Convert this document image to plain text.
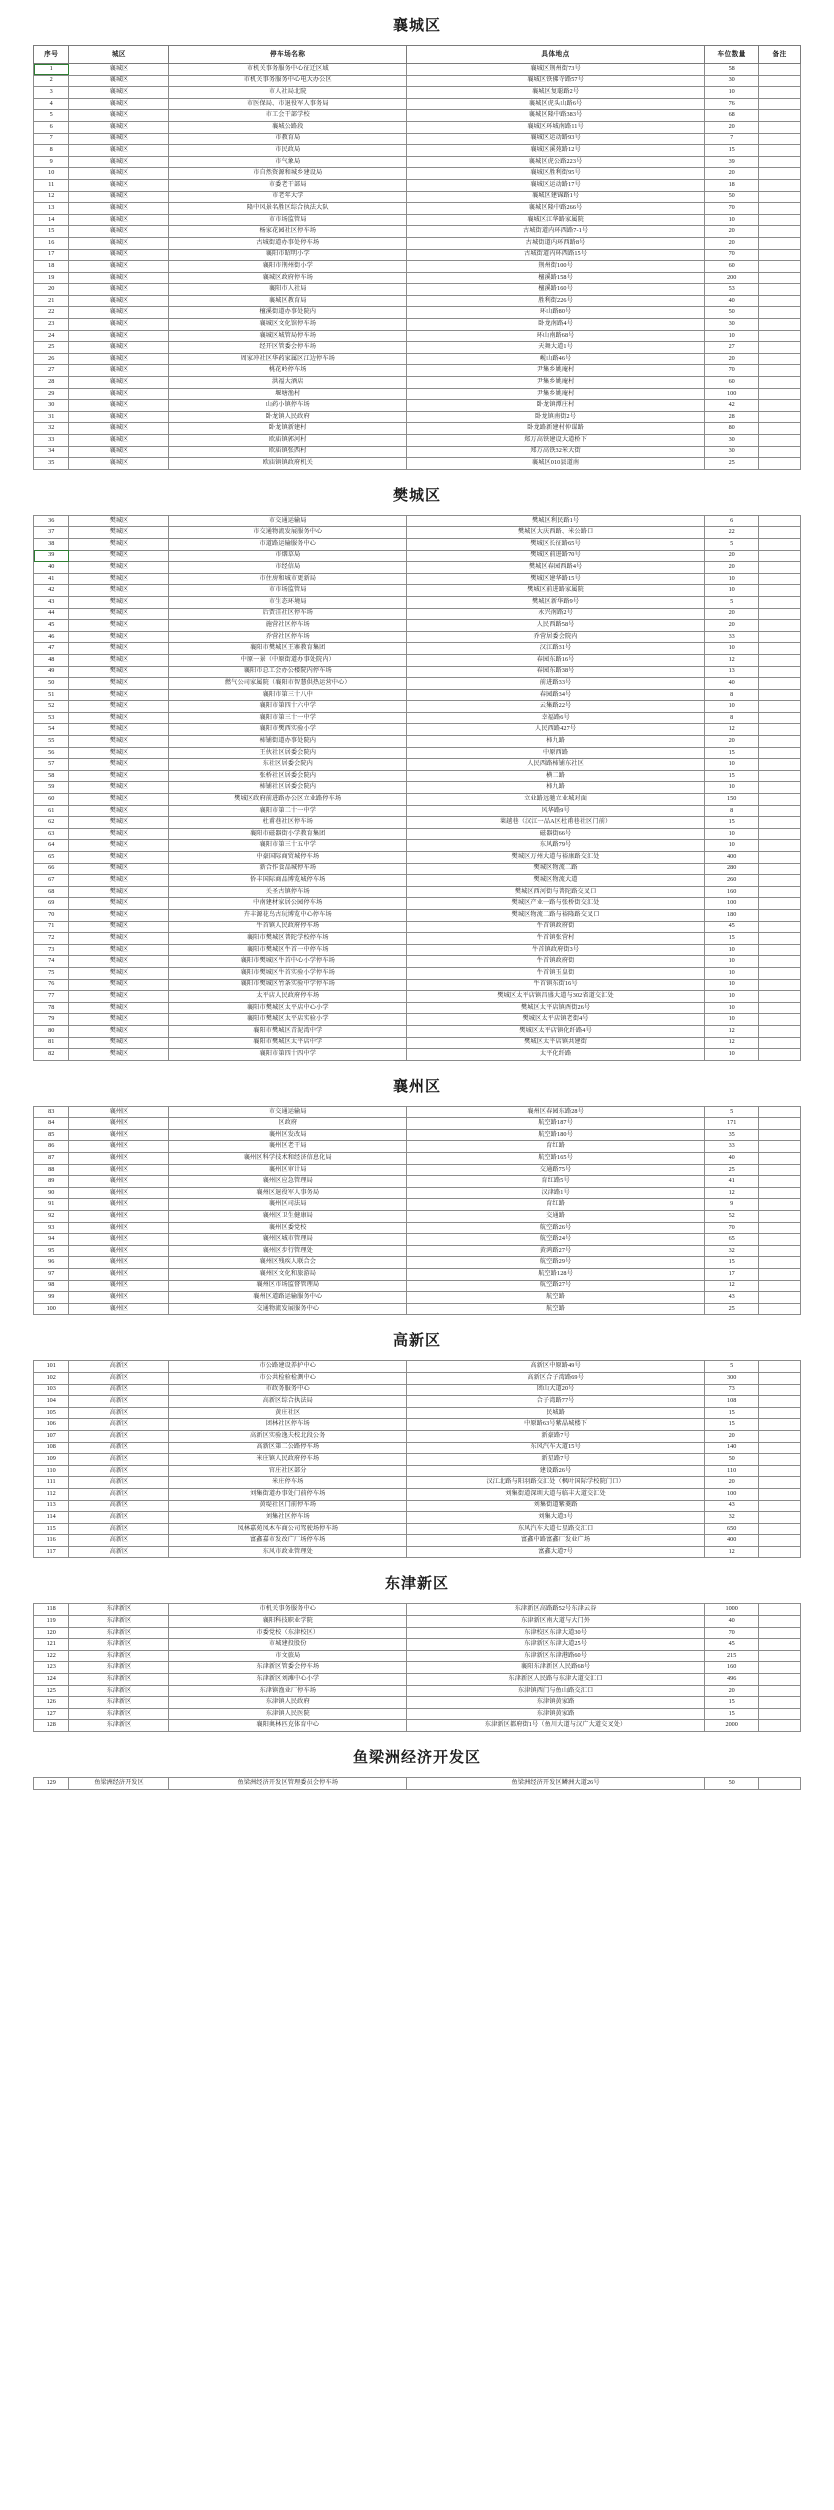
襄城区
序号	城区	停车场名称	具体地点	车位数量	备注
1	襄城区	市机关事务服务中心征迁区域	襄城区荆州街73号	58	
2	襄城区	市机关事务服务中心电大办公区	襄城区铁佛寺路57号	30	
3	襄城区	市人社局北院	襄城区复聪路2号	10	
4	襄城区	市医保局、市退役军人事务局	襄城区虎头山路6号	76	
5	襄城区	市工会干部学校	襄城区隆中路383号	68	
6	襄城区	襄城公路段	襄城区环城南路11号	20	
7	襄城区	市教育局	襄城区运动路93号	7	
8	襄城区	市民政局	襄城区溪苑路12号	15	
9	襄城区	市气象局	襄城区虎公路223号	39	
10	襄城区	市自然资源和城乡建设局	襄城区胜利街95号	20	
11	襄城区	市委老干部局	襄城区运动路17号	18	
12	襄城区	市老年大学	襄城区建锦路1号	50	
13	襄城区	隆中风景名胜区综合执法大队	襄城区隆中路266号	70	
14	襄城区	市市场监管局	襄城区江华路家属院	10	
15	襄城区	杨家花园社区停车场	古城街道内环西路7-1号	20	
16	襄城区	古城街道办事处停车场	古城街道内环西路8号	20	
17	襄城区	襄阳市昭明小学	古城街道内环西路15号	70	
18	襄城区	襄阳市荆州街小学	荆州街100号	60	
19	襄城区	襄城区政府停车场	檀溪路158号	200	
20	襄城区	襄阳市人社局	檀溪路160号	53	
21	襄城区	襄城区教育局	胜利街226号	40	
22	襄城区	檀溪街道办事处院内	环山路80号	50	
23	襄城区	襄城区文化馆停车场	卧龙南路4号	30	
24	襄城区	襄城区城管局停车场	环山南路68号	10	
25	襄城区	经开区管委会停车场	天舞大道1号	27	
26	襄城区	周家冲社区华药家属区江边停车场	岘山路46号	20	
27	襄城区	桃花岭停车场	尹集乡姚庵村	70	
28	襄城区	洪福大酒店	尹集乡姚庵村	60	
29	襄城区	堰塘渔村	尹集乡姚庵村	100	
30	襄城区	山药小镇停车场	卧龙镇潭庄村	42	
31	襄城区	卧龙镇人民政府	卧龙镇南街2号	28	
32	襄城区	卧龙镇新建村	卧龙路新建村仲谋路	80	
33	襄城区	欧庙镇郭河村	郑万高铁建设大道桥下	30	
34	襄城区	欧庙镇张西村	郑万高铁32米大街	30	
35	襄城区	欧庙镇镇政府机关	襄城区010县道南	25	
樊城区
36	樊城区	市交通运输局	樊城区利民路1号	6	
37	樊城区	市交通物流发展服务中心	樊城区大庆西路、米公路口	22	
38	樊城区	市道路运输服务中心	樊城区长征路65号	5	
39	樊城区	市烟草局	樊城区前进路70号	20	
40	樊城区	市经信局	樊城区春园西路4号	20	
41	樊城区	市住房和城市更新局	樊城区建华路15号	10	
42	樊城区	市市场监管局	樊城区前进路家属院	10	
43	樊城区	市生态环境局	樊城区新华路9号	5	
44	樊城区	后贾洼社区停车场	永兴南路2号	20	
45	樊城区	施营社区停车场	人民西路58号	20	
46	樊城区	乔营社区停车场	乔营居委会院内	33	
47	樊城区	襄阳市樊城区王寨教育集团	汉江路31号	10	
48	樊城区	中原一景（中原街道办事处院内）	春园东路16号	12	
49	樊城区	襄阳市总工会办公楼院内停车场	春园东路38号	13	
50	樊城区	燃气公司家属院（襄阳市智慧供热运营中心）	前进路33号	40	
51	樊城区	襄阳市第三十八中	春园路34号	8	
52	樊城区	襄阳市第四十六中学	云集路22号	10	
53	樊城区	襄阳市第三十一中学	幸福路6号	8	
54	樊城区	襄阳市樊西实验小学	人民西路427号	12	
55	樊城区	柿铺街道办事处院内	柿九路	20	
56	樊城区	王伙社区居委会院内	中原西路	15	
57	樊城区	东社区居委会院内	人民西路柿铺东社区	10	
58	樊城区	张桥社区居委会院内	横二路	15	
59	樊城区	柿铺社区居委会院内	柿九路	10	
60	樊城区	樊城区政府前进路办公区立业路停车场	立业路远驰立业城对面	150	
61	樊城区	襄阳市第二十一中学	风华路9号	8	
62	樊城区	杜甫巷社区停车场	莱越巷（汉江一品A区杜甫巷社区门前）	15	
63	樊城区	襄阳市磁器街小学教育集团	磁器街66号	10	
64	樊城区	襄阳市第三十五中学	东风路79号	10	
65	樊城区	中豪国际商贸城停车场	樊城区万州大道与裕康路交汇处	400	
66	樊城区	新合作食品城停车场	樊城区物流二路	280	
67	樊城区	侨丰国际商品博览城停车场	樊城区物流大道	260	
68	樊城区	关圣古镇停车场	樊城区西河街与普陀路交叉口	160	
69	樊城区	中南建材家居公园停车场	樊城区产业一路与张桥街交汇处	100	
70	樊城区	卉丰源花鸟古玩博览中心停车场	樊城区物流二路与裕隆路交叉口	180	
71	樊城区	牛首镇人民政府停车场	牛首镇政府街	45	
72	樊城区	襄阳市樊城区普陀学校停车场	牛首镇张营村	15	
73	樊城区	襄阳市樊城区牛首一中停车场	牛首镇政府街3号	10	
74	樊城区	襄阳市樊城区牛首中心小学停车场	牛首镇政府街	10	
75	樊城区	襄阳市樊城区牛首实验小学停车场	牛首镇玉皇街	10	
76	樊城区	襄阳市樊城区竹条实验中学停车场	牛首镇东街16号	10	
77	樊城区	太平店人民政府停车场	樊城区太平店镇昌盛大道与302省道交汇处	10	
78	樊城区	襄阳市樊城区太平店中心小学	樊城区太平店镇酉街26号	10	
79	樊城区	襄阳市樊城区太平店实验小学	樊城区太平店镇老街4号	10	
80	樊城区	襄阳市樊城区青泥湾中学	樊城区太平店镇化纤路4号	12	
81	樊城区	襄阳市樊城区太平店中学	樊城区太平店镇共建街	12	
82	樊城区	襄阳市第四十四中学	太平化纤路	10	
襄州区
83	襄州区	市交通运输局	襄州区春园东路28号	5	
84	襄州区	区政府	航空路187号	171	
85	襄州区	襄州区发改局	航空路180号	35	
86	襄州区	襄州区老干局	育红路	33	
87	襄州区	襄州区科学技术和经济信息化局	航空路165号	40	
88	襄州区	襄州区审计局	交通路75号	25	
89	襄州区	襄州区应急管理局	育红路5号	41	
90	襄州区	襄州区退役军人事务局	汉津路1号	12	
91	襄州区	襄州区司法局	育红路	9	
92	襄州区	襄州区卫生健康局	交通路	52	
93	襄州区	襄州区委党校	航空路26号	70	
94	襄州区	襄州区城市管理局	航空路24号	65	
95	襄州区	襄州区步行管理处	黄鸿路27号	32	
96	襄州区	襄州区残疾人联合会	航空路29号	15	
97	襄州区	襄州区文化和旅游局	航空路128号	17	
98	襄州区	襄州区市场监督管理局	航空路27号	12	
99	襄州区	襄州区道路运输服务中心	航空路	43	
100	襄州区	交通物流发展服务中心	航空路	25	
高新区
101	高新区	市公路建设养护中心	高新区中原路49号	5	
102	高新区	市公共检验检测中心	高新区合子湾路69号	300	
103	高新区	市政务服务中心	团山大道20号	73	
104	高新区	高新区综合执法局	合子湾路77号	108	
105	高新区	黄庄社区	民城路	15	
106	高新区	团林社区停车场	中原路63号紫晶城楼下	15	
107	高新区	高新区实验逸夫校北段公务	新豪路7号	20	
108	高新区	高新区第二公路停车场	东风汽车大道15号	140	
109	高新区	米庄镇人民政府停车场	新星路7号	50	
110	高新区	官庄社区部分	建设路26号	110	
111	高新区	米庄停车场	汉江北路与阳羽路交汇处（枫叶国际学校院门口）	20	
112	高新区	刘集街道办事处门前停车场	刘集街道深圳大道与临丰大道交汇处	100	
113	高新区	黄堤社区门前停车场	刘集街道紫菱路	43	
114	高新区	刘集社区停车场	刘集大道3号	32	
115	高新区	凤林嘉苑凤木车商公司驾驶场停车场	东风汽车大道七星路交汇口	650	
116	高新区	富鑫嘉市发改广厂场停车场	富鑫中路富鑫厂发业广场	400	
117	高新区	东风市政业管理处	富鑫大道7号	12	
东津新区
118	东津新区	市机关事务服务中心	东津新区高路路52号东津云谷	1000	
119	东津新区	襄阳科技职业学院	东津新区南大道与大门外	40	
120	东津新区	市委党校（东津校区）	东津校区东津大道30号	70	
121	东津新区	市城建投股份	东津新区东津大道25号	45	
122	东津新区	市文旅局	东津新区东津港路60号	215	
123	东津新区	东津新区管委会停车场	襄阳东津新区人民路68号	160	
124	东津新区	东津新区刘滩中心小学	东津新区人民路与东津大道交汇口	496	
125	东津新区	东津镇渔业厂停车场	东津镇西门与鱼山路交汇口	20	
126	东津新区	东津镇人民政府	东津镇黄家路	15	
127	东津新区	东津镇人民医院	东津镇黄家路	15	
128	东津新区	襄阳奥林匹克体育中心	东津新区都府街1号（鱼川大道与汉广大道交叉处）	2000	
鱼梁洲经济开发区
129	鱼梁洲经济开发区	鱼梁洲经济开发区管理委员会停车场	鱼梁洲经济开发区鳞洲大道26号	50	
